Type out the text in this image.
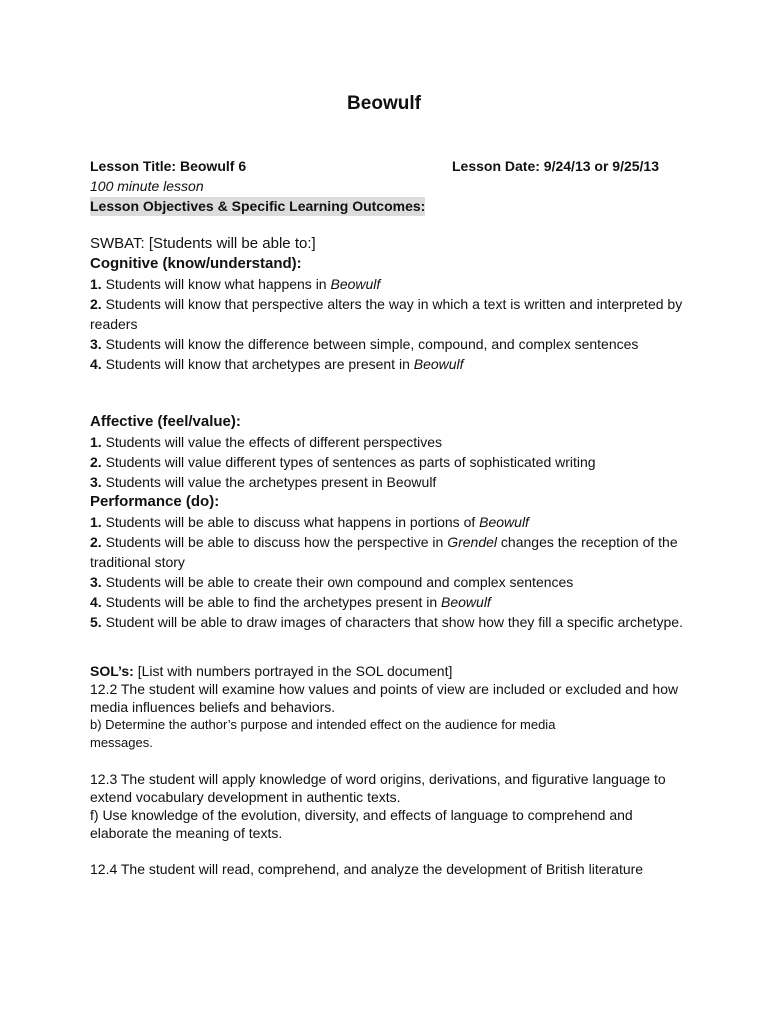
Beowulf
Lesson Title: Beowulf 6	Lesson Date: 9/24/13 or 9/25/13
100 minute lesson
Lesson Objectives & Specific Learning Outcomes:
SWBAT: [Students will be able to:]
Cognitive (know/understand):
1. Students will know what happens in Beowulf
2. Students will know that perspective alters the way in which a text is written and interpreted by readers
3. Students will know the difference between simple, compound, and complex sentences
4. Students will know that archetypes are present in Beowulf
Affective (feel/value):
1. Students will value the effects of different perspectives
2. Students will value different types of sentences as parts of sophisticated writing
3. Students will value the archetypes present in Beowulf
Performance (do):
1. Students will be able to discuss what happens in portions of Beowulf
2. Students will be able to discuss how the perspective in Grendel changes the reception of the traditional story
3. Students will be able to create their own compound and complex sentences
4. Students will be able to find the archetypes present in Beowulf
5. Student will be able to draw images of characters that show how they fill a specific archetype.
SOL’s: [List with numbers portrayed in the SOL document]
12.2 The student will examine how values and points of view are included or excluded and how media influences beliefs and behaviors.
b) Determine the author’s purpose and intended effect on the audience for media
messages.
12.3 The student will apply knowledge of word origins, derivations, and figurative language to extend vocabulary development in authentic texts.
f) Use knowledge of the evolution, diversity, and effects of language to comprehend and elaborate the meaning of texts.
12.4 The student will read, comprehend, and analyze the development of British literature
